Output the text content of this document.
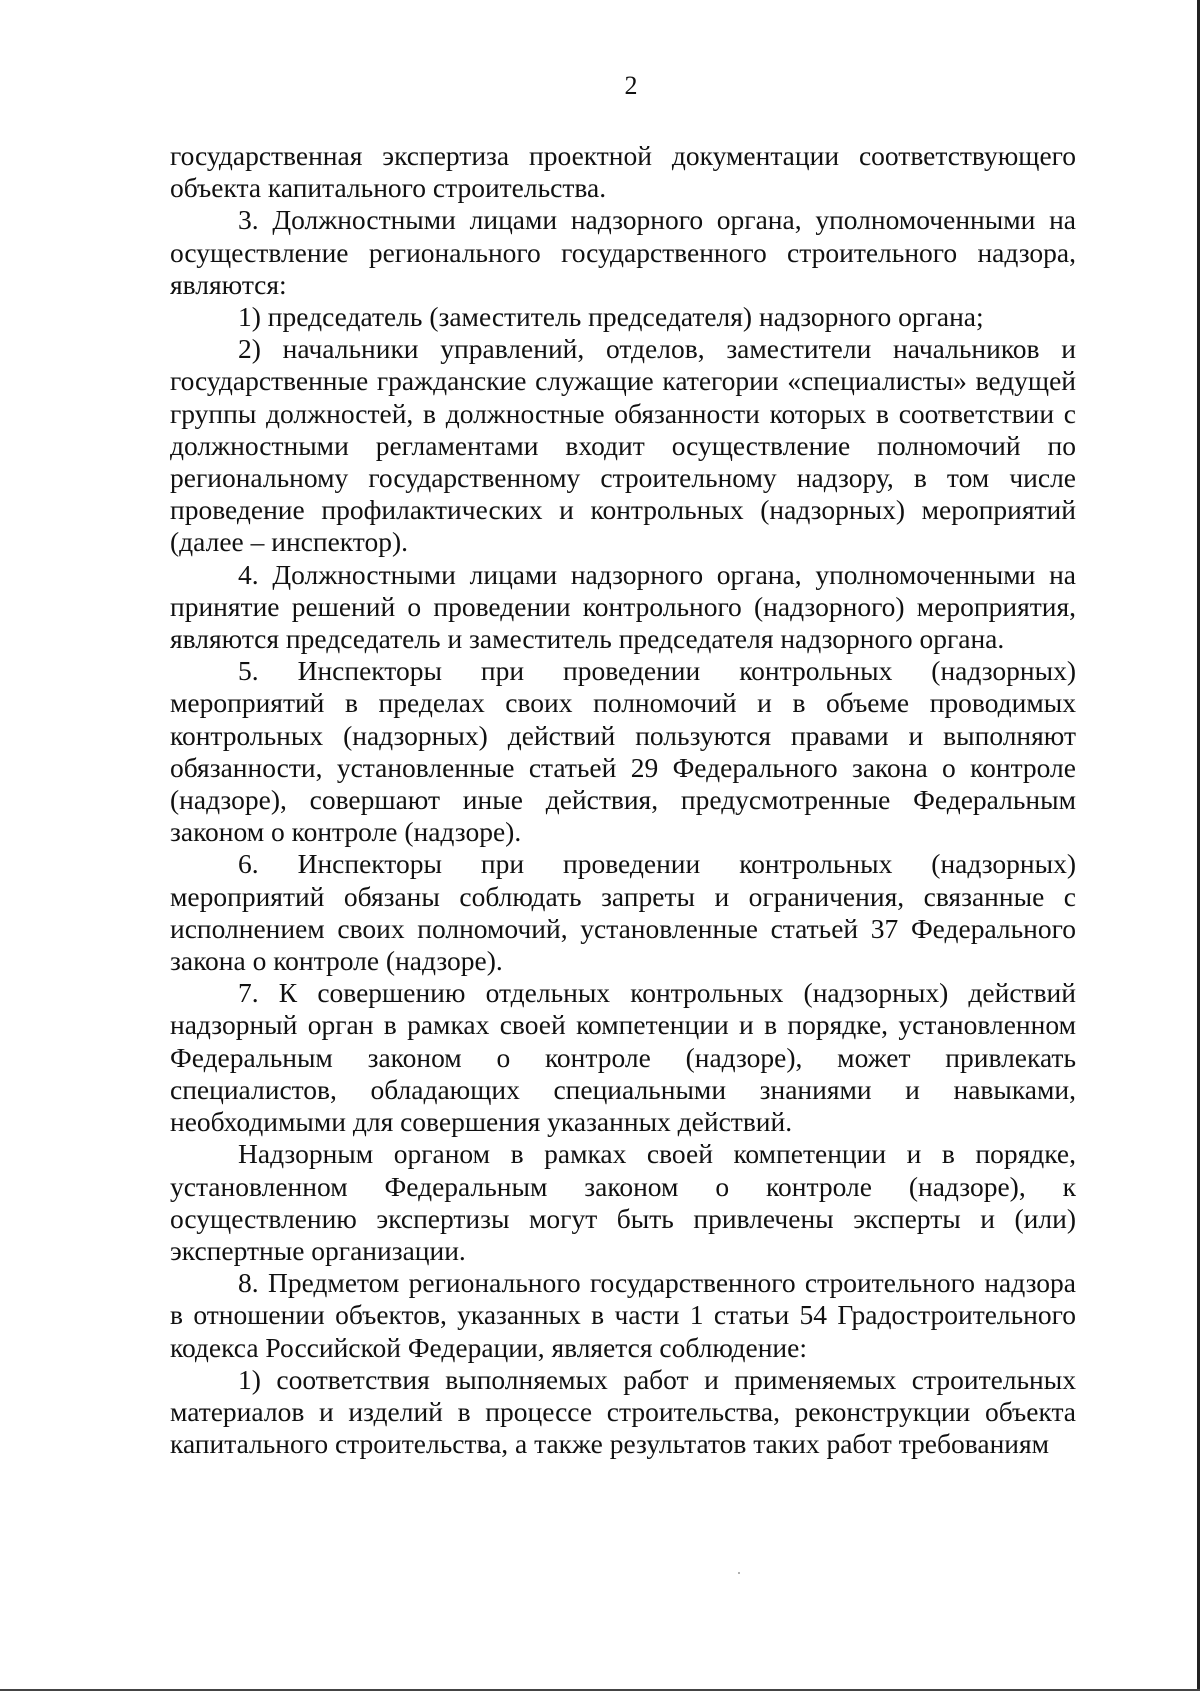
2

государственная экспертиза проектной документации соответствующего объекта капитального строительства.

3. Должностными лицами надзорного органа, уполномоченными на осуществление регионального государственного строительного надзора, являются:

1) председатель (заместитель председателя) надзорного органа;

2) начальники управлений, отделов, заместители начальников и государственные гражданские служащие категории «специалисты» ведущей группы должностей, в должностные обязанности которых в соответствии с должностными регламентами входит осуществление полномочий по региональному государственному строительному надзору, в том числе проведение профилактических и контрольных (надзорных) мероприятий (далее – инспектор).

4. Должностными лицами надзорного органа, уполномоченными на принятие решений о проведении контрольного (надзорного) мероприятия, являются председатель и заместитель председателя надзорного органа.

5. Инспекторы при проведении контрольных (надзорных) мероприятий в пределах своих полномочий и в объеме проводимых контрольных (надзорных) действий пользуются правами и выполняют обязанности, установленные статьей 29 Федерального закона о контроле (надзоре), совершают иные действия, предусмотренные Федеральным законом о контроле (надзоре).

6. Инспекторы при проведении контрольных (надзорных) мероприятий обязаны соблюдать запреты и ограничения, связанные с исполнением своих полномочий, установленные статьей 37 Федерального закона о контроле (надзоре).

7. К совершению отдельных контрольных (надзорных) действий надзорный орган в рамках своей компетенции и в порядке, установленном Федеральным законом о контроле (надзоре), может привлекать специалистов, обладающих специальными знаниями и навыками, необходимыми для совершения указанных действий.

Надзорным органом в рамках своей компетенции и в порядке, установленном Федеральным законом о контроле (надзоре), к осуществлению экспертизы могут быть привлечены эксперты и (или) экспертные организации.

8. Предметом регионального государственного строительного надзора в отношении объектов, указанных в части 1 статьи 54 Градостроительного кодекса Российской Федерации, является соблюдение:

1) соответствия выполняемых работ и применяемых строительных материалов и изделий в процессе строительства, реконструкции объекта капитального строительства, а также результатов таких работ требованиям
